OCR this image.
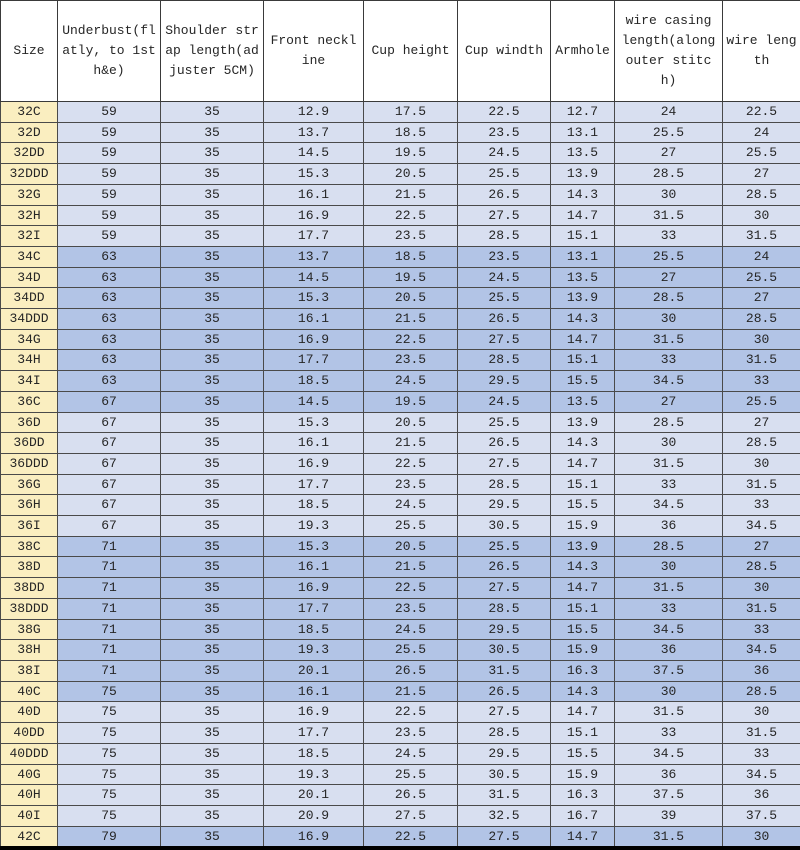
Size	Underbust(flatly, to 1st h&e)	Shoulder strap length(adjuster 5CM)	Front neckline	Cup height	Cup windth	Armhole	wire casing length(along outer stitch)	wire length
32C	59	35	12.9	17.5	22.5	12.7	24	22.5
32D	59	35	13.7	18.5	23.5	13.1	25.5	24
32DD	59	35	14.5	19.5	24.5	13.5	27	25.5
32DDD	59	35	15.3	20.5	25.5	13.9	28.5	27
32G	59	35	16.1	21.5	26.5	14.3	30	28.5
32H	59	35	16.9	22.5	27.5	14.7	31.5	30
32I	59	35	17.7	23.5	28.5	15.1	33	31.5
34C	63	35	13.7	18.5	23.5	13.1	25.5	24
34D	63	35	14.5	19.5	24.5	13.5	27	25.5
34DD	63	35	15.3	20.5	25.5	13.9	28.5	27
34DDD	63	35	16.1	21.5	26.5	14.3	30	28.5
34G	63	35	16.9	22.5	27.5	14.7	31.5	30
34H	63	35	17.7	23.5	28.5	15.1	33	31.5
34I	63	35	18.5	24.5	29.5	15.5	34.5	33
36C	67	35	14.5	19.5	24.5	13.5	27	25.5
36D	67	35	15.3	20.5	25.5	13.9	28.5	27
36DD	67	35	16.1	21.5	26.5	14.3	30	28.5
36DDD	67	35	16.9	22.5	27.5	14.7	31.5	30
36G	67	35	17.7	23.5	28.5	15.1	33	31.5
36H	67	35	18.5	24.5	29.5	15.5	34.5	33
36I	67	35	19.3	25.5	30.5	15.9	36	34.5
38C	71	35	15.3	20.5	25.5	13.9	28.5	27
38D	71	35	16.1	21.5	26.5	14.3	30	28.5
38DD	71	35	16.9	22.5	27.5	14.7	31.5	30
38DDD	71	35	17.7	23.5	28.5	15.1	33	31.5
38G	71	35	18.5	24.5	29.5	15.5	34.5	33
38H	71	35	19.3	25.5	30.5	15.9	36	34.5
38I	71	35	20.1	26.5	31.5	16.3	37.5	36
40C	75	35	16.1	21.5	26.5	14.3	30	28.5
40D	75	35	16.9	22.5	27.5	14.7	31.5	30
40DD	75	35	17.7	23.5	28.5	15.1	33	31.5
40DDD	75	35	18.5	24.5	29.5	15.5	34.5	33
40G	75	35	19.3	25.5	30.5	15.9	36	34.5
40H	75	35	20.1	26.5	31.5	16.3	37.5	36
40I	75	35	20.9	27.5	32.5	16.7	39	37.5
42C	79	35	16.9	22.5	27.5	14.7	31.5	30
